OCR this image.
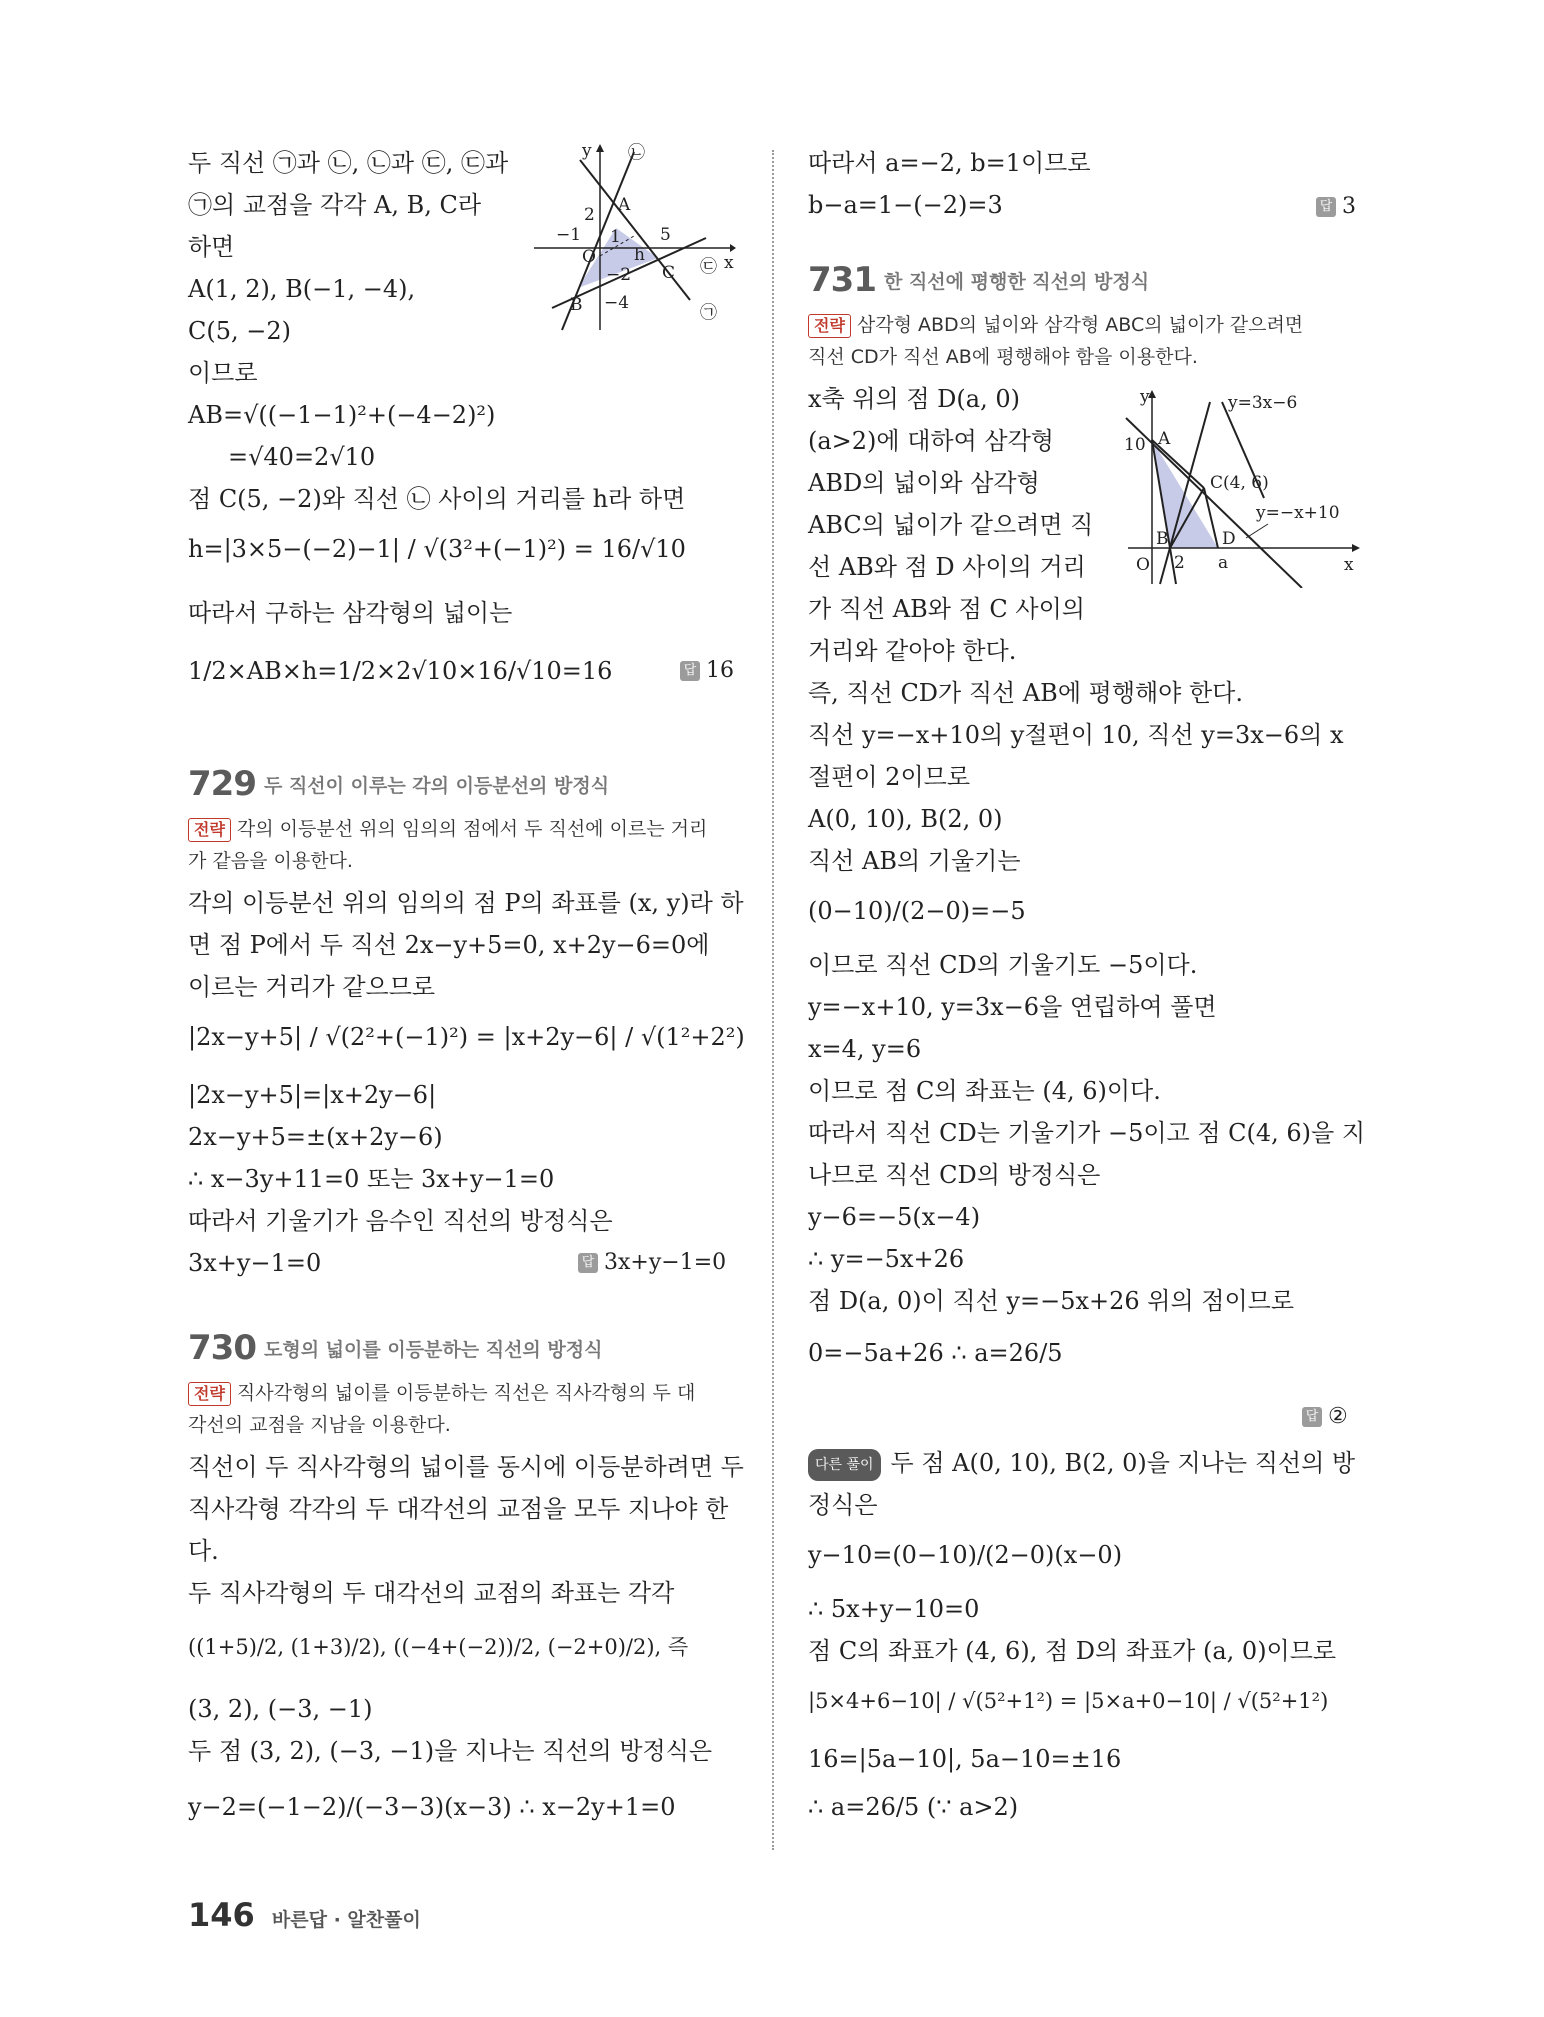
두 직선 ㉠과 ㉡, ㉡과 ㉢, ㉢과
㉠의 교점을 각각 A, B, C라
하면
A(1, 2), B(−1, −4),
C(5, −2)
이므로
AB=√((−1−1)²+(−4−2)²)
=√40=2√10
점 C(5, −2)와 직선 ㉡ 사이의 거리를 h라 하면
h=|3×5−(−2)−1| / √(3²+(−1)²) = 16/√10
따라서 구하는 삼각형의 넓이는
1/2×AB×h=1/2×2√10×16/√10=16	답 16
y
x
㉡
O
A
B
C
2
1
−1	5
−2
−4
h
㉢
㉠
729 두 직선이 이루는 각의 이등분선의 방정식
전략 각의 이등분선 위의 임의의 점에서 두 직선에 이르는 거리
가 같음을 이용한다.
각의 이등분선 위의 임의의 점 P의 좌표를 (x, y)라 하
면 점 P에서 두 직선 2x−y+5=0, x+2y−6=0에
이르는 거리가 같으므로
|2x−y+5| / √(2²+(−1)²) = |x+2y−6| / √(1²+2²)
|2x−y+5|=|x+2y−6|
2x−y+5=±(x+2y−6)
∴ x−3y+11=0 또는 3x+y−1=0
따라서 기울기가 음수인 직선의 방정식은
3x+y−1=0	답 3x+y−1=0
730 도형의 넓이를 이등분하는 직선의 방정식
전략 직사각형의 넓이를 이등분하는 직선은 직사각형의 두 대
각선의 교점을 지남을 이용한다.
직선이 두 직사각형의 넓이를 동시에 이등분하려면 두
직사각형 각각의 두 대각선의 교점을 모두 지나야 한
다.
두 직사각형의 두 대각선의 교점의 좌표는 각각
((1+5)/2, (1+3)/2), ((−4+(−2))/2, (−2+0)/2), 즉
(3, 2), (−3, −1)
두 점 (3, 2), (−3, −1)을 지나는 직선의 방정식은
y−2=(−1−2)/(−3−3)(x−3) ∴ x−2y+1=0
따라서 a=−2, b=1이므로
b−a=1−(−2)=3	답 3
731 한 직선에 평행한 직선의 방정식
전략 삼각형 ABD의 넓이와 삼각형 ABC의 넓이가 같으려면
직선 CD가 직선 AB에 평행해야 함을 이용한다.
x축 위의 점 D(a, 0)
(a>2)에 대하여 삼각형
ABD의 넓이와 삼각형
ABC의 넓이가 같으려면 직
선 AB와 점 D 사이의 거리
가 직선 AB와 점 C 사이의
거리와 같아야 한다.
y
x
A
10
O
B
2
D
a
C(4, 6)
y=3x−6
y=−x+10
즉, 직선 CD가 직선 AB에 평행해야 한다.
직선 y=−x+10의 y절편이 10, 직선 y=3x−6의 x
절편이 2이므로
A(0, 10), B(2, 0)
직선 AB의 기울기는
(0−10)/(2−0)=−5
이므로 직선 CD의 기울기도 −5이다.
y=−x+10, y=3x−6을 연립하여 풀면
x=4, y=6
이므로 점 C의 좌표는 (4, 6)이다.
따라서 직선 CD는 기울기가 −5이고 점 C(4, 6)을 지
나므로 직선 CD의 방정식은
y−6=−5(x−4)
∴ y=−5x+26
점 D(a, 0)이 직선 y=−5x+26 위의 점이므로
0=−5a+26 ∴ a=26/5
답 ②
다른 풀이 두 점 A(0, 10), B(2, 0)을 지나는 직선의 방
정식은
y−10=(0−10)/(2−0)(x−0)
∴ 5x+y−10=0
점 C의 좌표가 (4, 6), 점 D의 좌표가 (a, 0)이므로
|5×4+6−10| / √(5²+1²) = |5×a+0−10| / √(5²+1²)
16=|5a−10|, 5a−10=±16
∴ a=26/5 (∵ a>2)
146 바른답 · 알찬풀이
